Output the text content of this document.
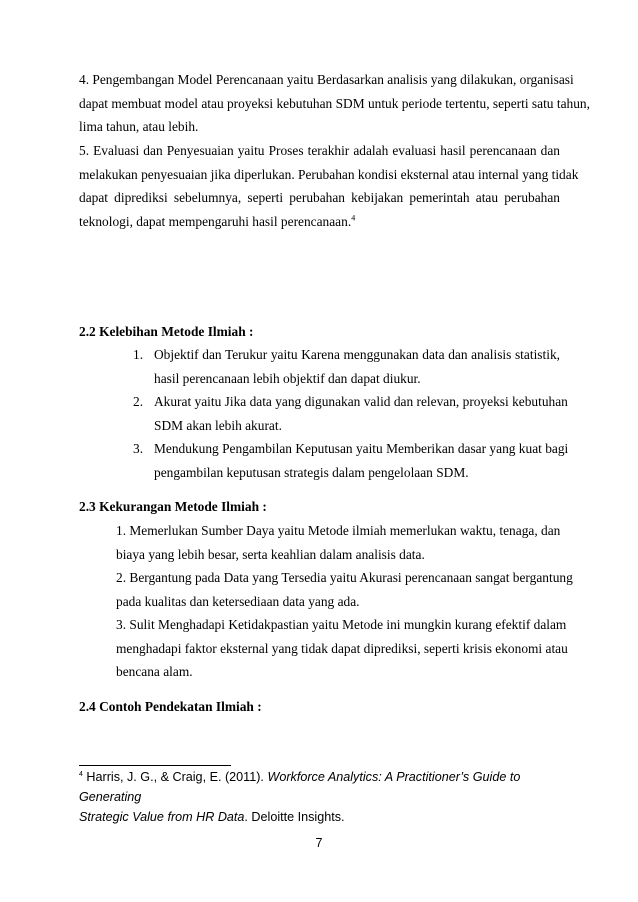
4. Pengembangan Model Perencanaan yaitu Berdasarkan analisis yang dilakukan, organisasi
dapat membuat model atau proyeksi kebutuhan SDM untuk periode tertentu, seperti satu tahun,
lima tahun, atau lebih.
5. Evaluasi dan Penyesuaian yaitu Proses terakhir adalah evaluasi hasil perencanaan dan
melakukan penyesuaian jika diperlukan. Perubahan kondisi eksternal atau internal yang tidak
dapat diprediksi sebelumnya, seperti perubahan kebijakan pemerintah atau perubahan
teknologi, dapat mempengaruhi hasil perencanaan.$^4$
2.2 Kelebihan Metode Ilmiah :
1. Objektif dan Terukur yaitu Karena menggunakan data dan analisis statistik,
hasil perencanaan lebih objektif dan dapat diukur.
2. Akurat yaitu Jika data yang digunakan valid dan relevan, proyeksi kebutuhan
SDM akan lebih akurat.
3. Mendukung Pengambilan Keputusan yaitu Memberikan dasar yang kuat bagi
pengambilan keputusan strategis dalam pengelolaan SDM.
2.3 Kekurangan Metode Ilmiah :
1. Memerlukan Sumber Daya yaitu Metode ilmiah memerlukan waktu, tenaga, dan
biaya yang lebih besar, serta keahlian dalam analisis data.
2. Bergantung pada Data yang Tersedia yaitu Akurasi perencanaan sangat bergantung
pada kualitas dan ketersediaan data yang ada.
3. Sulit Menghadapi Ketidakpastian yaitu Metode ini mungkin kurang efektif dalam
menghadapi faktor eksternal yang tidak dapat diprediksi, seperti krisis ekonomi atau
bencana alam.
2.4 Contoh Pendekatan Ilmiah :
$^4$ Harris, J. G., & Craig, E. (2011). Workforce Analytics: A Practitioner’s Guide to Generating
Strategic Value from HR Data. Deloitte Insights.
7
